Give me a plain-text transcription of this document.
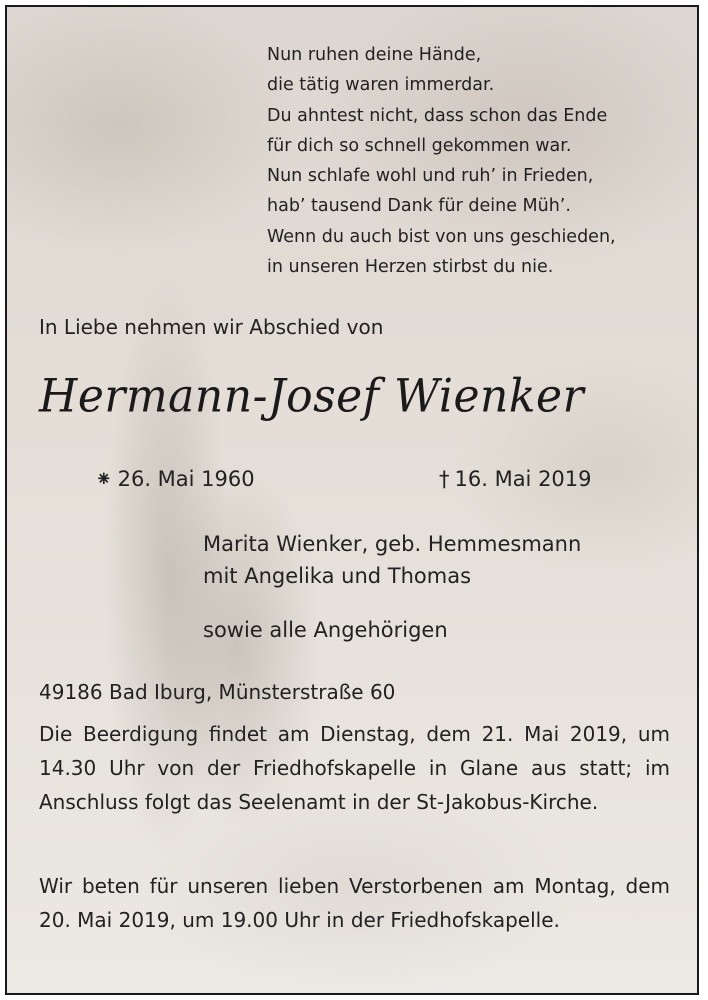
Nun ruhen deine Hände,
die tätig waren immerdar.
Du ahntest nicht, dass schon das Ende
für dich so schnell gekommen war.
Nun schlafe wohl und ruh’ in Frieden,
hab’ tausend Dank für deine Müh’.
Wenn du auch bist von uns geschieden,
in unseren Herzen stirbst du nie.
In Liebe nehmen wir Abschied von
Hermann-Josef Wienker
⁕ 26. Mai 1960	† 16. Mai 2019
Marita Wienker, geb. Hemmesmann
mit Angelika und Thomas
sowie alle Angehörigen
49186 Bad Iburg, Münsterstraße 60
Die Beerdigung findet am Dienstag, dem 21. Mai 2019, um 14.30 Uhr von der Friedhofskapelle in Glane aus statt; im Anschluss folgt das Seelenamt in der St-Jakobus-Kirche.
Wir beten für unseren lieben Verstorbenen am Montag, dem 20. Mai 2019, um 19.00 Uhr in der Friedhofskapelle.
